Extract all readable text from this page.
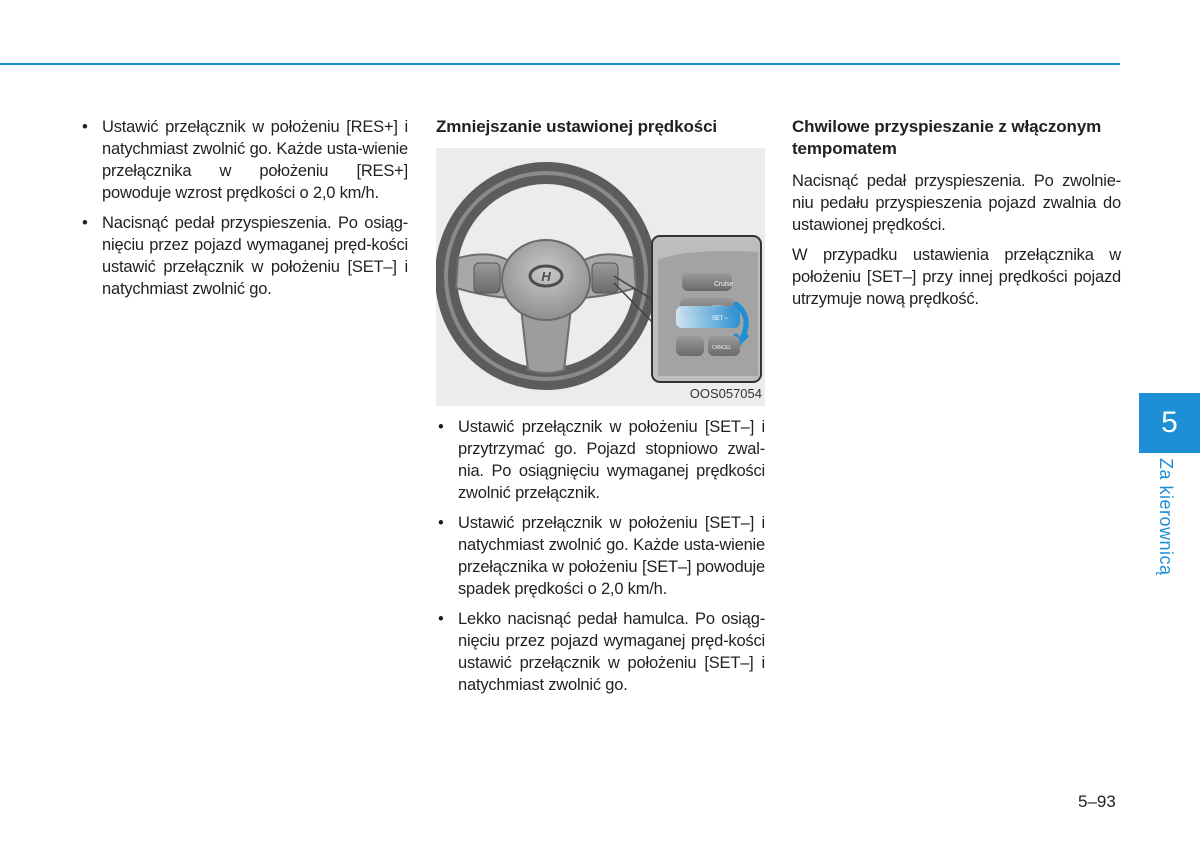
• Ustawić przełącznik w położeniu [RES+] i natychmiast zwolnić go. Każde usta-wienie przełącznika w położeniu [RES+] powoduje wzrost prędkości o 2,0 km/h.
• Nacisnąć pedał przyspieszenia. Po osiąg-nięciu przez pojazd wymaganej pręd-kości ustawić przełącznik w położeniu [SET–] i natychmiast zwolnić go.
Zmniejszanie ustawionej prędkości
H
Cruise
SET −
CANCEL
OOS057054
• Ustawić przełącznik w położeniu [SET–] i przytrzymać go. Pojazd stopniowo zwal-nia. Po osiągnięciu wymaganej prędkości zwolnić przełącznik.
• Ustawić przełącznik w położeniu [SET–] i natychmiast zwolnić go. Każde usta-wienie przełącznika w położeniu [SET–] powoduje spadek prędkości o 2,0 km/h.
• Lekko nacisnąć pedał hamulca. Po osiąg-nięciu przez pojazd wymaganej pręd-kości ustawić przełącznik w położeniu [SET–] i natychmiast zwolnić go.
Chwilowe przyspieszanie z włączonym tempomatem

Nacisnąć pedał przyspieszenia. Po zwolnie-niu pedału przyspieszenia pojazd zwalnia do ustawionej prędkości.

W przypadku ustawienia przełącznika w położeniu [SET–] przy innej prędkości pojazd utrzymuje nową prędkość.

5
Za kierownicą
5–93
